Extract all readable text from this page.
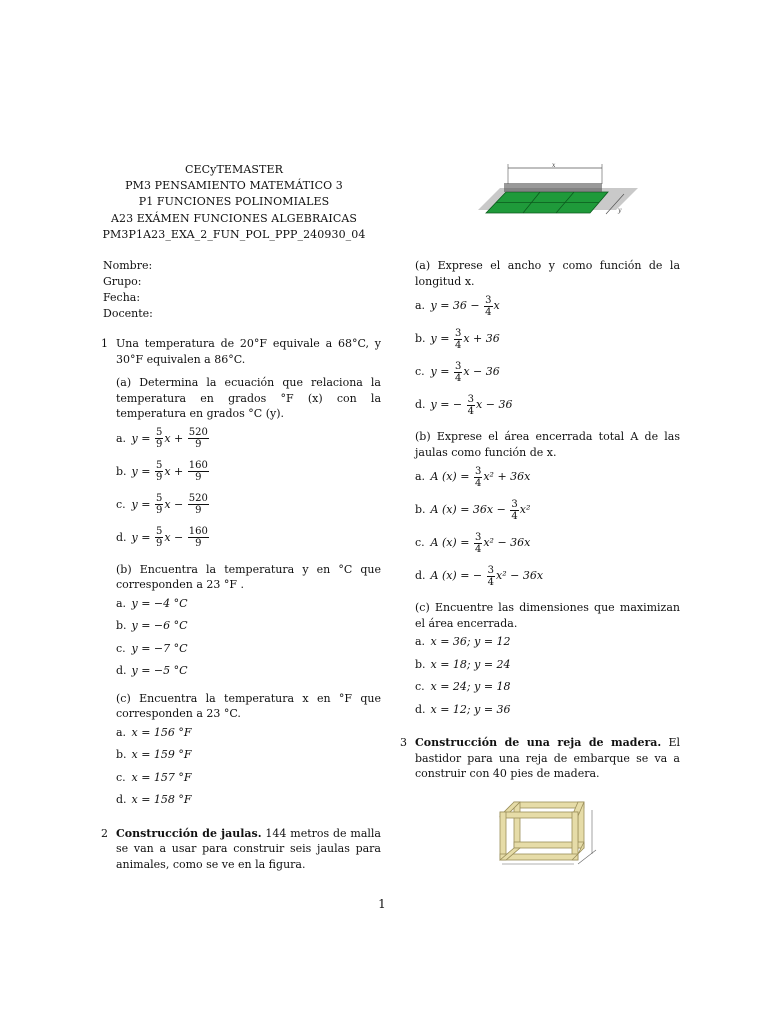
CECyTEMASTER
PM3 PENSAMIENTO MATEMÁTICO 3
P1 FUNCIONES POLINOMIALES
A23 EXÁMEN FUNCIONES ALGEBRAICAS
PM3P1A23_EXA_2_FUN_POL_PPP_240930_04
Nombre:
Grupo:
Fecha:
Docente:
1 Una temperatura de 20°F equivale a 68°C, y 30°F equivalen a 86°C.
(a) Determina la ecuación que relaciona la temperatura en grados °F (x) con la temperatura en grados °C (y).
a. $y = \frac{5}{9}$ $x + \frac{520}{9}$
b. $y = \frac{5}{9}$ $x + \frac{160}{9}$
c. $y = \frac{5}{9}$ $x - \frac{520}{9}$
d. $y = \frac{5}{9}$ $x - \frac{160}{9}$
(b) Encuentra la temperatura y en °C que corresponden a 23 °F .
a. y = −4 °C
b. y = −6 °C
c. y = −7 °C
d. y = −5 °C
(c) Encuentra la temperatura x en °F que corresponden a 23 °C.
a. x = 156 °F
b. x = 159 °F
c. x = 157 °F
d. x = 158 °F
2 Construcción de jaulas. 144 metros de malla se van a usar para construir seis jaulas para animales, como se ve en la figura.
x
y
(a) Exprese el ancho y como función de la longitud x.
a. $y = 36 - \frac{3}{4}$ x
b. $y = \frac{3}{4}$ x + 36
c. $y = \frac{3}{4}$ x − 36
d. y = − $\frac{3}{4}$ x − 36
(b) Exprese el área encerrada total A de las jaulas como función de x.
a. A $(x) = \frac{3}{4} x^2 + 36x$
b. A $(x) = 36x - \frac{3}{4} x^2$
c. A $(x) = \frac{3}{4} x^2 - 36x$
d. A (x) = − $\frac{3}{4} x^2 - 36x$
(c) Encuentre las dimensiones que maximizan el área encerrada.
a. x = 36; y = 12
b. x = 18; y = 24
c. x = 24; y = 18
d. x = 12; y = 36
3 Construcción de una reja de madera. El bastidor para una reja de embarque se va a construir con 40 pies de madera.
1
